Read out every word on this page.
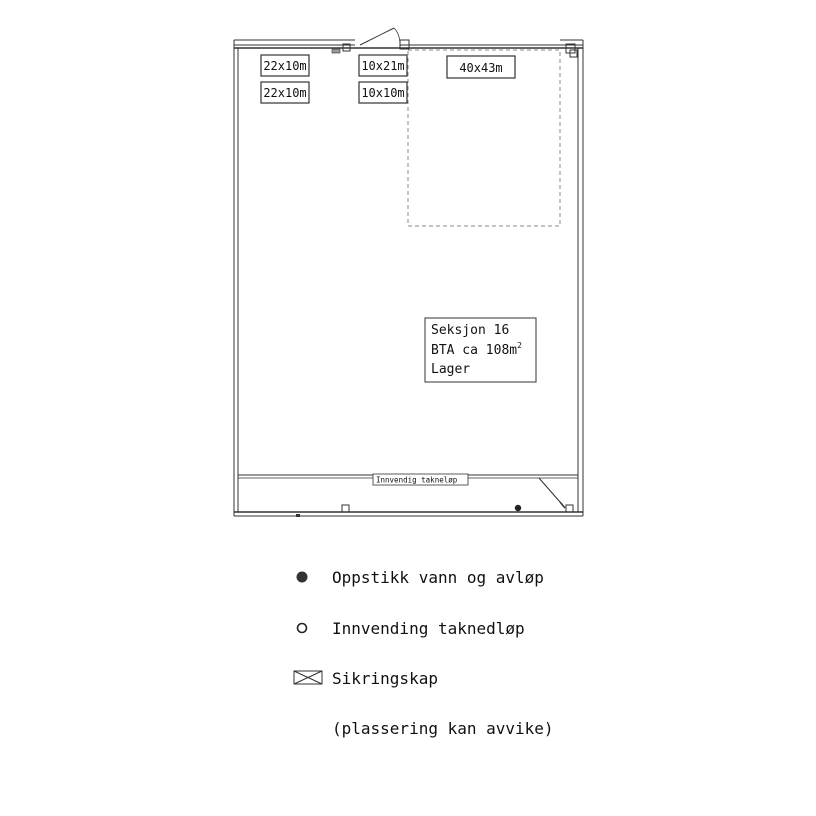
22x10m
22x10m
10x21m
10x10m
40x43m
Seksjon 16
BTA ca $108m^2$
Lager
Innvendig takneløp
Oppstikk vann og avløp
Innvending taknedløp
Sikringskap
(plassering kan avvike)
